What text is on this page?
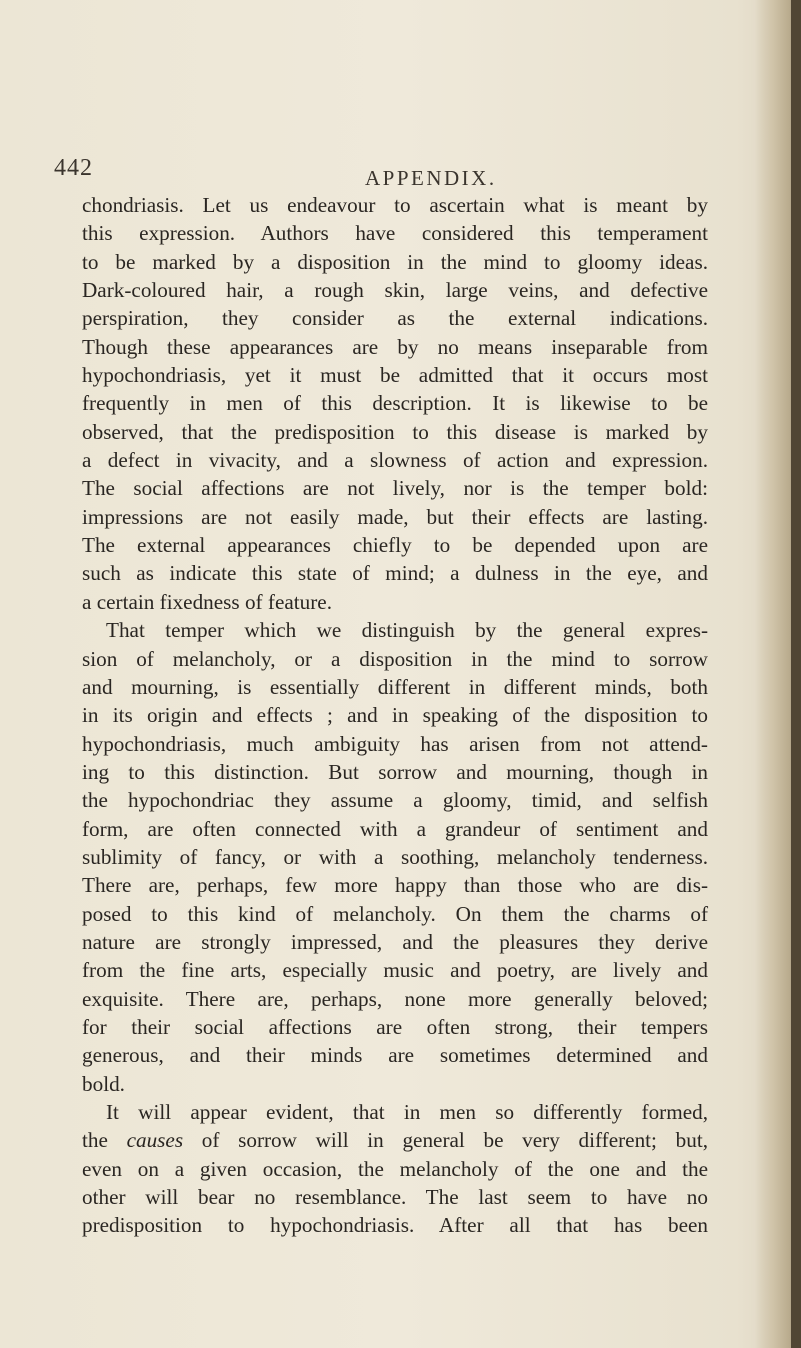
442	APPENDIX.
chondriasis. Let us endeavour to ascertain what is meant by
this expression. Authors have considered this temperament
to be marked by a disposition in the mind to gloomy ideas.
Dark-coloured hair, a rough skin, large veins, and defective
perspiration, they consider as the external indications.
Though these appearances are by no means inseparable from
hypochondriasis, yet it must be admitted that it occurs most
frequently in men of this description. It is likewise to be
observed, that the predisposition to this disease is marked by
a defect in vivacity, and a slowness of action and expression.
The social affections are not lively, nor is the temper bold:
impressions are not easily made, but their effects are lasting.
The external appearances chiefly to be depended upon are
such as indicate this state of mind; a dulness in the eye, and
a certain fixedness of feature.
That temper which we distinguish by the general expres-
sion of melancholy, or a disposition in the mind to sorrow
and mourning, is essentially different in different minds, both
in its origin and effects ; and in speaking of the disposition to
hypochondriasis, much ambiguity has arisen from not attend-
ing to this distinction. But sorrow and mourning, though in
the hypochondriac they assume a gloomy, timid, and selfish
form, are often connected with a grandeur of sentiment and
sublimity of fancy, or with a soothing, melancholy tenderness.
There are, perhaps, few more happy than those who are dis-
posed to this kind of melancholy. On them the charms of
nature are strongly impressed, and the pleasures they derive
from the fine arts, especially music and poetry, are lively and
exquisite. There are, perhaps, none more generally beloved;
for their social affections are often strong, their tempers
generous, and their minds are sometimes determined and
bold.
It will appear evident, that in men so differently formed,
the causes of sorrow will in general be very different; but,
even on a given occasion, the melancholy of the one and the
other will bear no resemblance. The last seem to have no
predisposition to hypochondriasis. After all that has been
